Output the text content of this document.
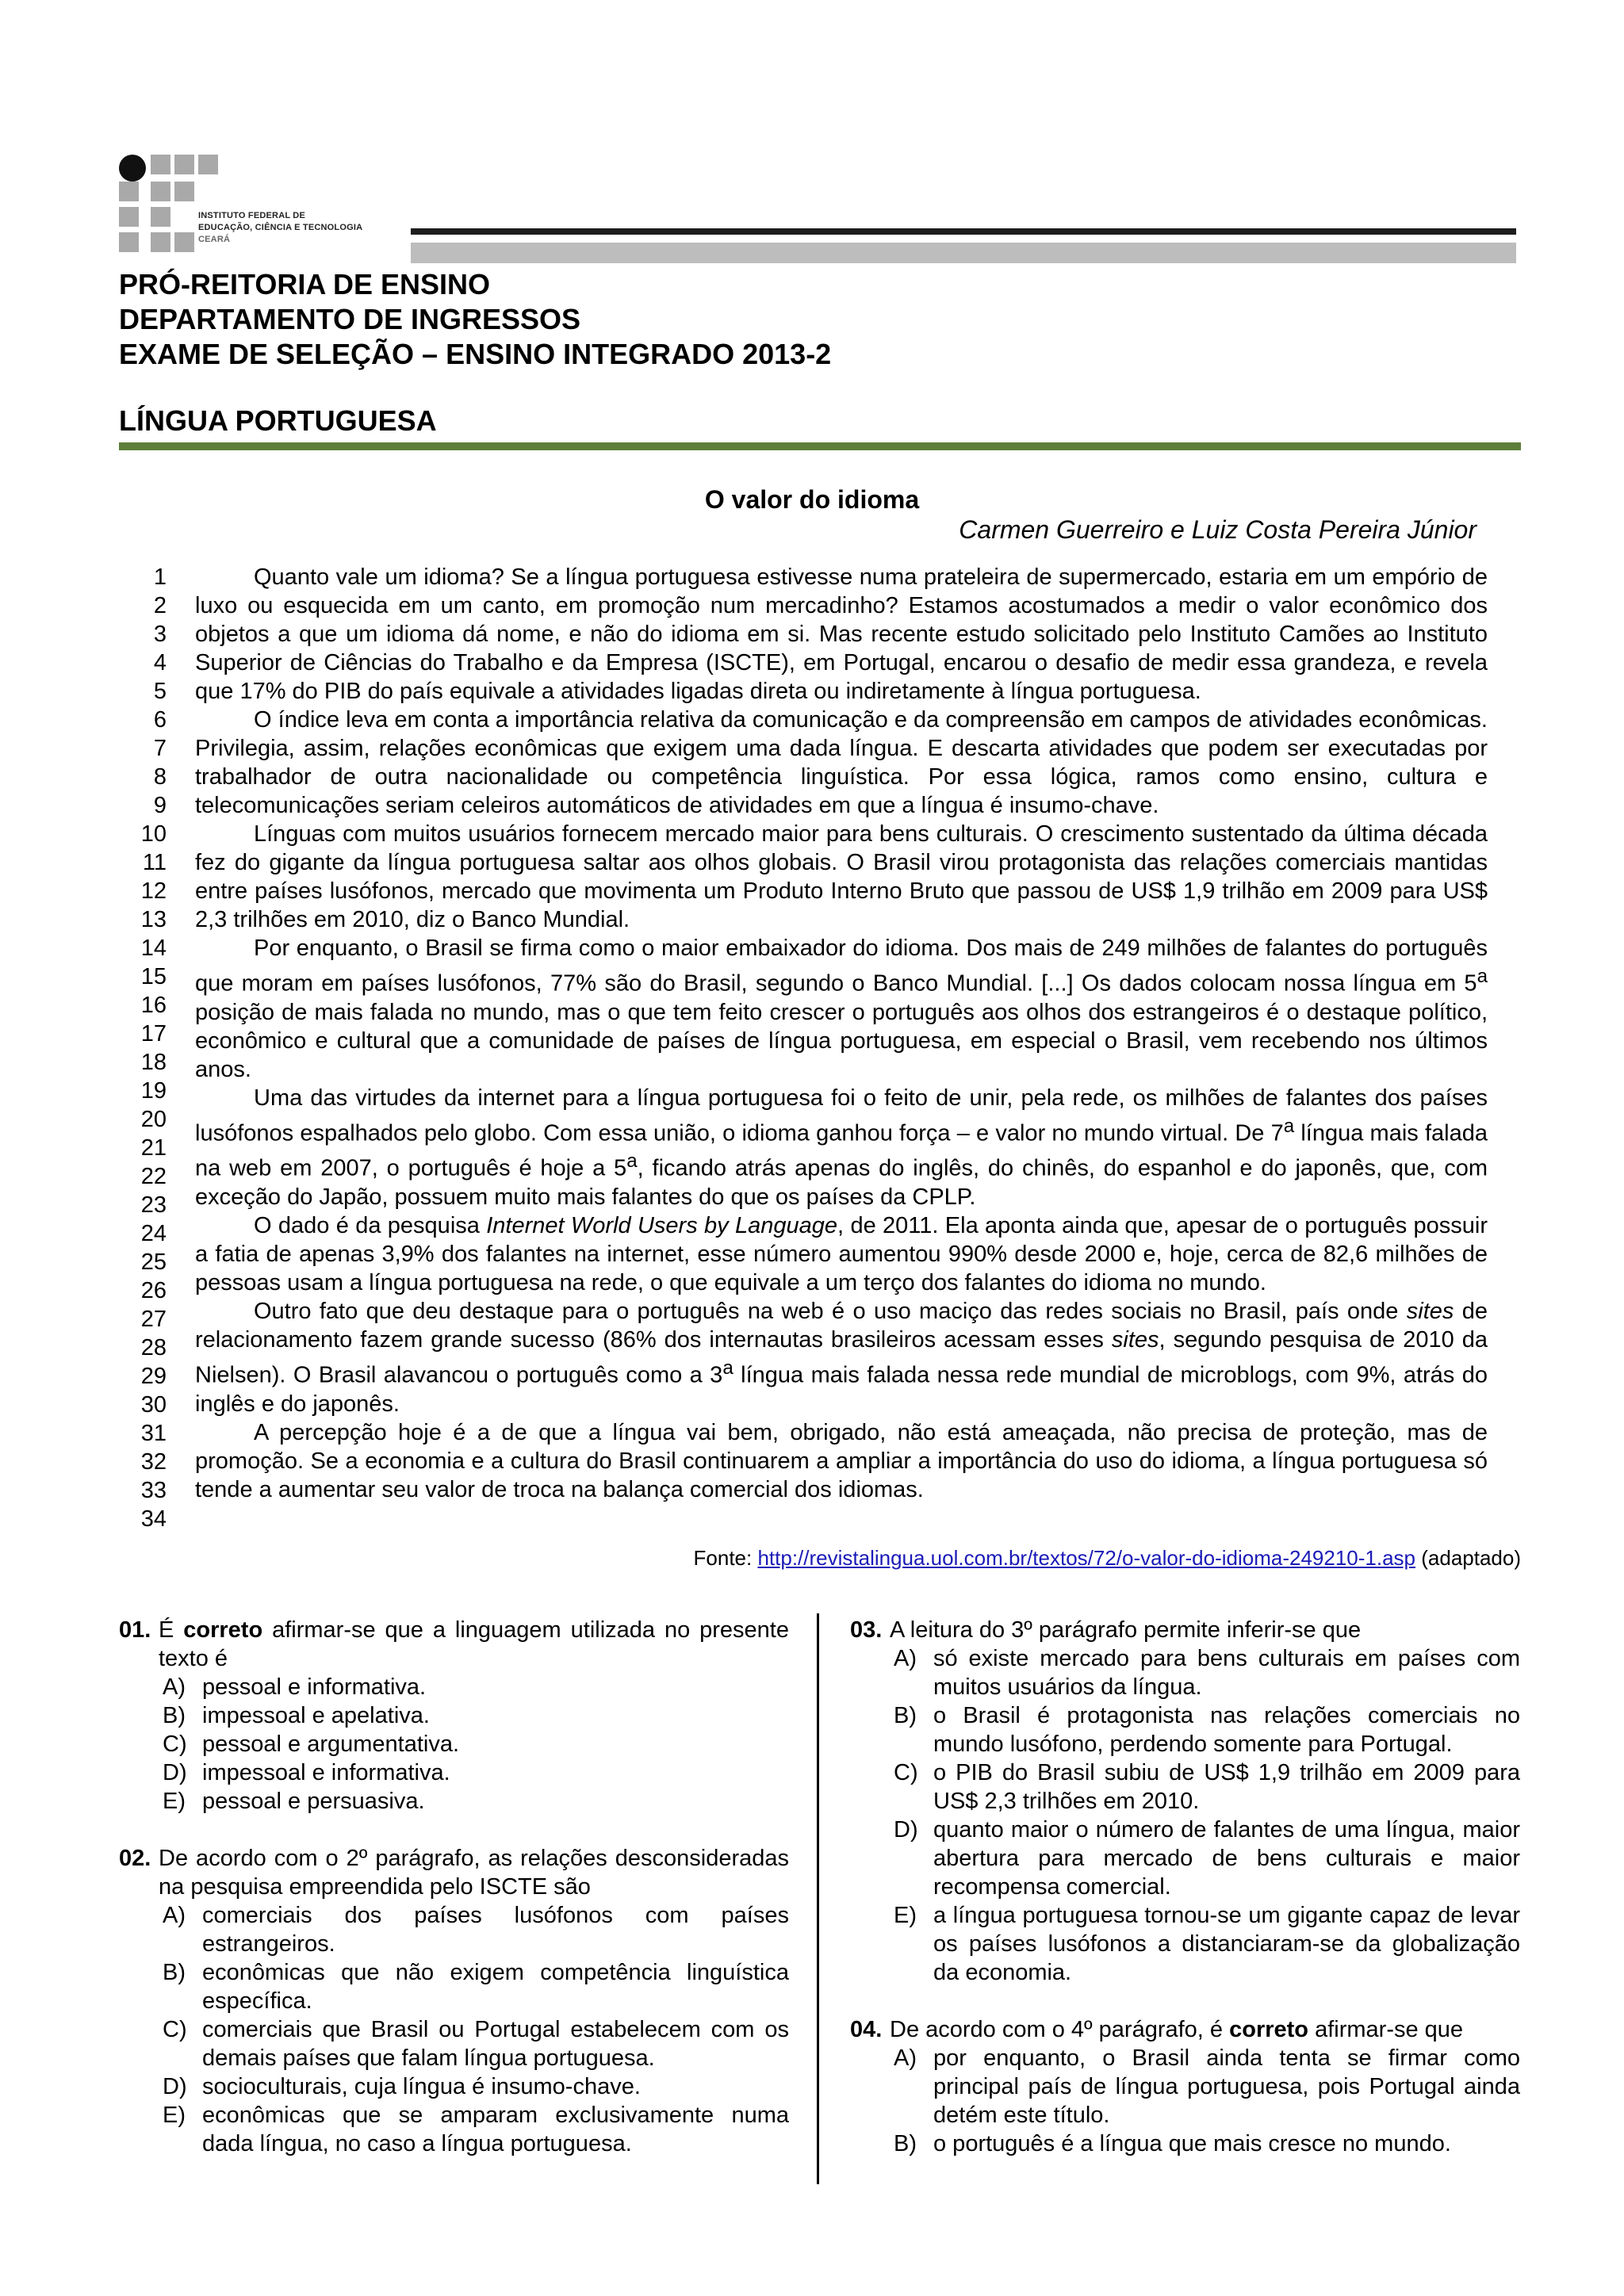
INSTITUTO FEDERAL DE
EDUCAÇÃO, CIÊNCIA E TECNOLOGIA
CEARÁ
PRÓ-REITORIA DE ENSINO
DEPARTAMENTO DE INGRESSOS
EXAME DE SELEÇÃO – ENSINO INTEGRADO 2013-2
LÍNGUA PORTUGUESA
O valor do idioma
Carmen Guerreiro e Luiz Costa Pereira Júnior
1
2
3
4
5
6
7
8
9
10
11
12
13
14
15
16
17
18
19
20
21
22
23
24
25
26
27
28
29
30
31
32
33
34

Quanto vale um idioma? Se a língua portuguesa estivesse numa prateleira de supermercado, estaria em um empório de luxo ou esquecida em um canto, em promoção num mercadinho? Estamos acostumados a medir o valor econômico dos objetos a que um idioma dá nome, e não do idioma em si. Mas recente estudo solicitado pelo Instituto Camões ao Instituto Superior de Ciências do Trabalho e da Empresa (ISCTE), em Portugal, encarou o desafio de medir essa grandeza, e revela que 17% do PIB do país equivale a atividades ligadas direta ou indiretamente à língua portuguesa.

O índice leva em conta a importância relativa da comunicação e da compreensão em campos de atividades econômicas. Privilegia, assim, relações econômicas que exigem uma dada língua. E descarta atividades que podem ser executadas por trabalhador de outra nacionalidade ou competência linguística. Por essa lógica, ramos como ensino, cultura e telecomunicações seriam celeiros automáticos de atividades em que a língua é insumo-chave.

Línguas com muitos usuários fornecem mercado maior para bens culturais. O crescimento sustentado da última década fez do gigante da língua portuguesa saltar aos olhos globais. O Brasil virou protagonista das relações comerciais mantidas entre países lusófonos, mercado que movimenta um Produto Interno Bruto que passou de US$ 1,9 trilhão em 2009 para US$ 2,3 trilhões em 2010, diz o Banco Mundial.

Por enquanto, o Brasil se firma como o maior embaixador do idioma. Dos mais de 249 milhões de falantes do português que moram em países lusófonos, 77% são do Brasil, segundo o Banco Mundial. [...] Os dados colocam nossa língua em 5$^a$ posição de mais falada no mundo, mas o que tem feito crescer o português aos olhos dos estrangeiros é o destaque político, econômico e cultural que a comunidade de países de língua portuguesa, em especial o Brasil, vem recebendo nos últimos anos.

Uma das virtudes da internet para a língua portuguesa foi o feito de unir, pela rede, os milhões de falantes dos países lusófonos espalhados pelo globo. Com essa união, o idioma ganhou força – e valor no mundo virtual. De 7$^a$ língua mais falada na web em 2007, o português é hoje a 5$^a$, ficando atrás apenas do inglês, do chinês, do espanhol e do japonês, que, com exceção do Japão, possuem muito mais falantes do que os países da CPLP.

O dado é da pesquisa Internet World Users by Language, de 2011. Ela aponta ainda que, apesar de o português possuir a fatia de apenas 3,9% dos falantes na internet, esse número aumentou 990% desde 2000 e, hoje, cerca de 82,6 milhões de pessoas usam a língua portuguesa na rede, o que equivale a um terço dos falantes do idioma no mundo.

Outro fato que deu destaque para o português na web é o uso maciço das redes sociais no Brasil, país onde sites de relacionamento fazem grande sucesso (86% dos internautas brasileiros acessam esses sites, segundo pesquisa de 2010 da Nielsen). O Brasil alavancou o português como a 3$^a$ língua mais falada nessa rede mundial de microblogs, com 9%, atrás do inglês e do japonês.

A percepção hoje é a de que a língua vai bem, obrigado, não está ameaçada, não precisa de proteção, mas de promoção. Se a economia e a cultura do Brasil continuarem a ampliar a importância do uso do idioma, a língua portuguesa só tende a aumentar seu valor de troca na balança comercial dos idiomas.

Fonte: http://revistalingua.uol.com.br/textos/72/o-valor-do-idioma-249210-1.asp (adaptado)
01. É correto afirmar-se que a linguagem utilizada no presente texto é
A) pessoal e informativa.
B) impessoal e apelativa.
C) pessoal e argumentativa.
D) impessoal e informativa.
E) pessoal e persuasiva.
02. De acordo com o 2º parágrafo, as relações desconsideradas na pesquisa empreendida pelo ISCTE são
A) comerciais dos países lusófonos com países estrangeiros.
B) econômicas que não exigem competência linguística específica.
C) comerciais que Brasil ou Portugal estabelecem com os demais países que falam língua portuguesa.
D) socioculturais, cuja língua é insumo-chave.
E) econômicas que se amparam exclusivamente numa dada língua, no caso a língua portuguesa.
03. A leitura do 3º parágrafo permite inferir-se que
A) só existe mercado para bens culturais em países com muitos usuários da língua.
B) o Brasil é protagonista nas relações comerciais no mundo lusófono, perdendo somente para Portugal.
C) o PIB do Brasil subiu de US$ 1,9 trilhão em 2009 para US$ 2,3 trilhões em 2010.
D) quanto maior o número de falantes de uma língua, maior abertura para mercado de bens culturais e maior recompensa comercial.
E) a língua portuguesa tornou-se um gigante capaz de levar os países lusófonos a distanciaram-se da globalização da economia.
04. De acordo com o 4º parágrafo, é correto afirmar-se que
A) por enquanto, o Brasil ainda tenta se firmar como principal país de língua portuguesa, pois Portugal ainda detém este título.
B) o português é a língua que mais cresce no mundo.
